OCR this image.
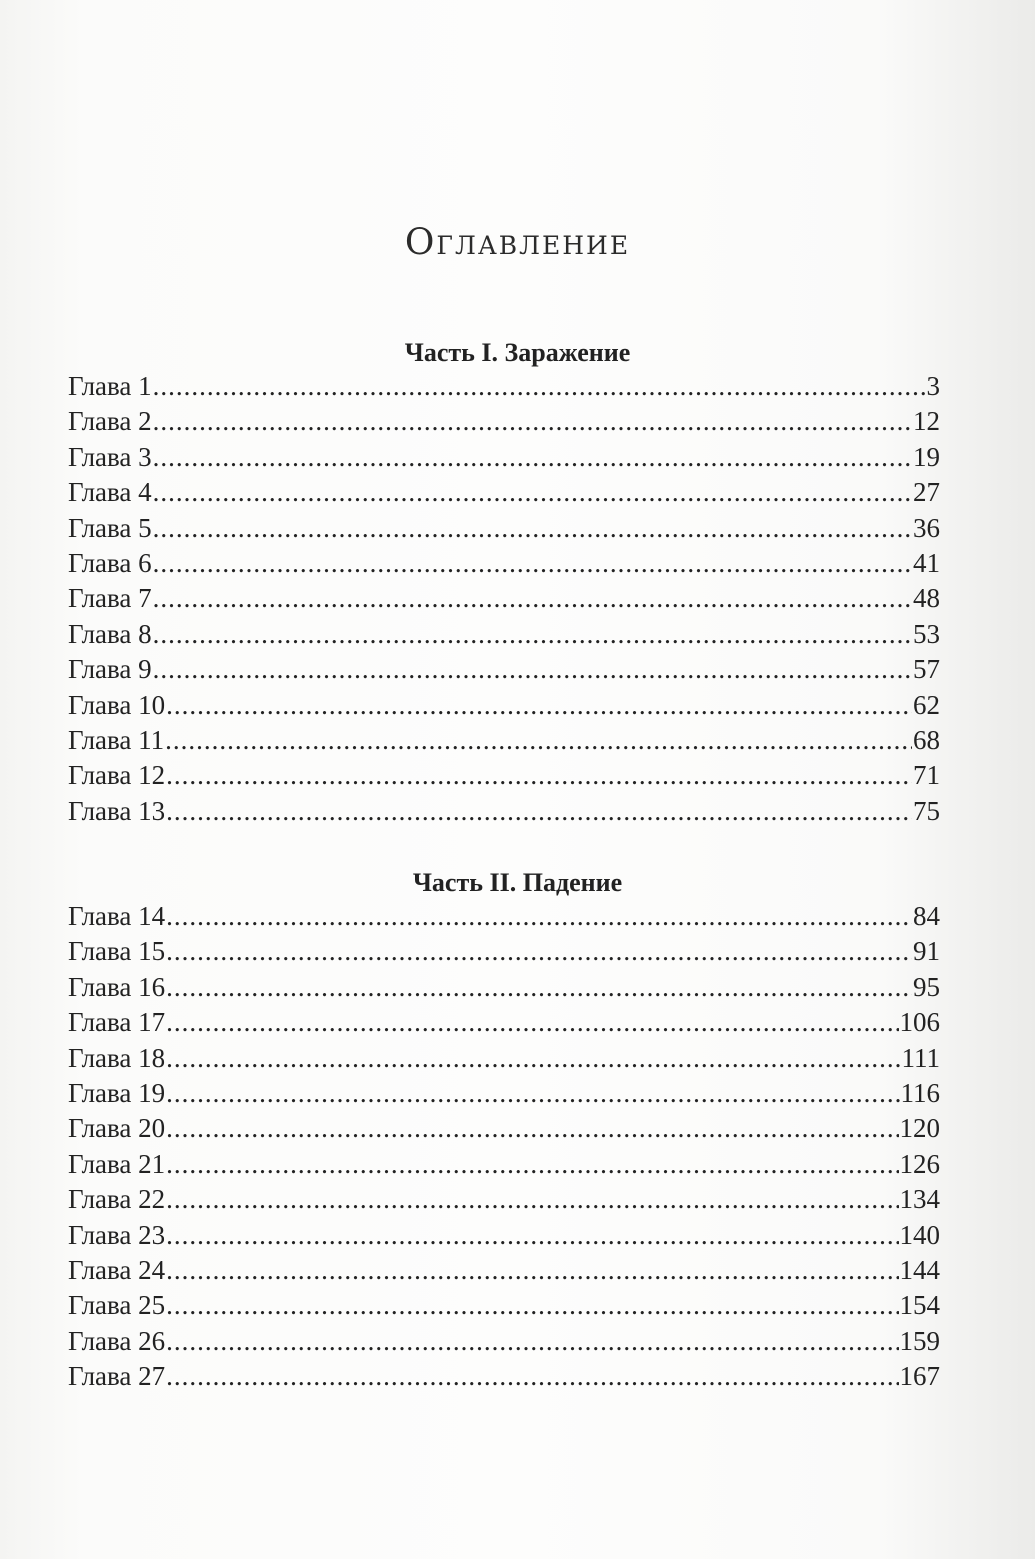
Оглавление
Часть I. Заражение
Глава 1 .....	3
Глава 2 .....	12
Глава 3 .....	19
Глава 4 .....	27
Глава 5 .....	36
Глава 6 .....	41
Глава 7 .....	48
Глава 8 .....	53
Глава 9 .....	57
Глава 10 .....	62
Глава 11 .....	68
Глава 12 .....	71
Глава 13 .....	75
Часть II. Падение
Глава 14 .....	84
Глава 15 .....	91
Глава 16 .....	95
Глава 17 .....	106
Глава 18 .....	111
Глава 19 .....	116
Глава 20 .....	120
Глава 21 .....	126
Глава 22 .....	134
Глава 23 .....	140
Глава 24 .....	144
Глава 25 .....	154
Глава 26 .....	159
Глава 27 .....	167
